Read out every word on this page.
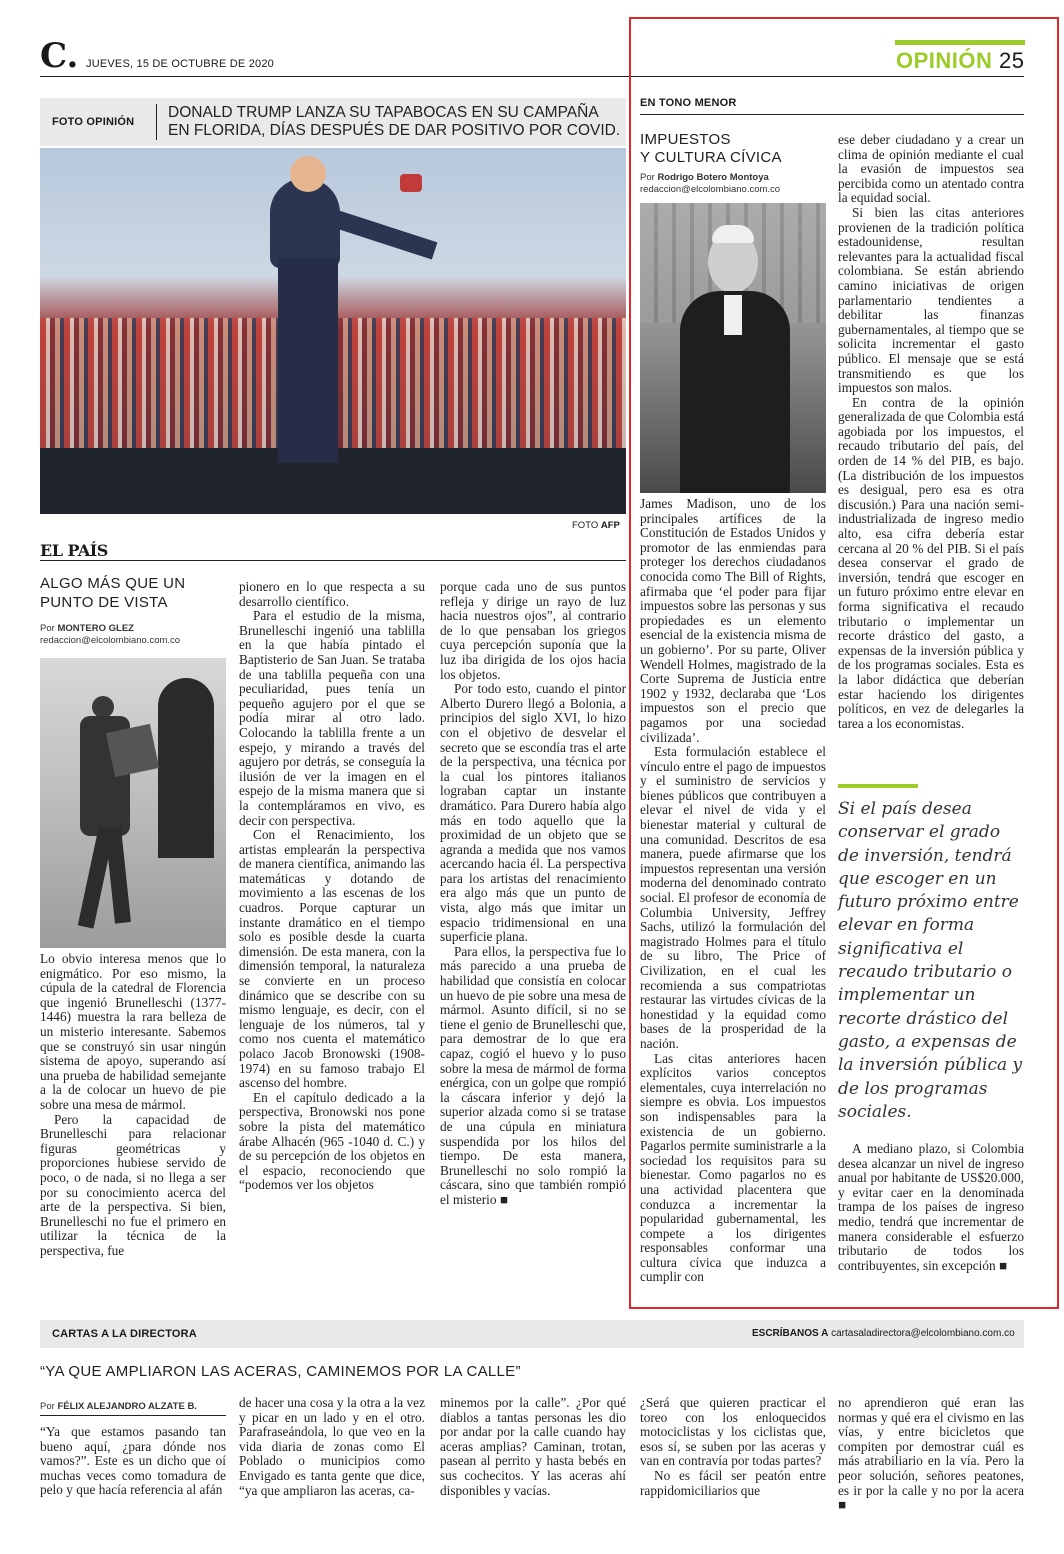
C. JUEVES, 15 DE OCTUBRE DE 2020	OPINIÓN 25
FOTO OPINIÓN
DONALD TRUMP LANZA SU TAPABOCAS EN SU CAMPAÑA
EN FLORIDA, DÍAS DESPUÉS DE DAR POSITIVO POR COVID.
FOTO AFP
EL PAÍS
ALGO MÁS QUE UN
PUNTO DE VISTA
Por MONTERO GLEZ
redaccion@elcolombiano.com.co

Lo obvio interesa menos que lo enigmático. Por eso mismo, la cúpula de la catedral de Florencia que ingenió Brunelleschi (1377-1446) muestra la rara belleza de un misterio interesante. Sabemos que se construyó sin usar ningún sistema de apoyo, superando así una prueba de habilidad semejante a la de colocar un huevo de pie sobre una mesa de mármol.

Pero la capacidad de Brunelleschi para relacionar figuras geométricas y proporciones hubiese servido de poco, o de nada, si no llega a ser por su conocimiento acerca del arte de la perspectiva. Si bien, Brunelleschi no fue el primero en utilizar la técnica de la perspectiva, fue

pionero en lo que respecta a su desarrollo científico.

Para el estudio de la misma, Brunelleschi ingenió una tablilla en la que había pintado el Baptisterio de San Juan. Se trataba de una tablilla pequeña con una peculiaridad, pues tenía un pequeño agujero por el que se podía mirar al otro lado. Colocando la tablilla frente a un espejo, y mirando a través del agujero por detrás, se conseguía la ilusión de ver la imagen en el espejo de la misma manera que si la contempláramos en vivo, es decir con perspectiva.

Con el Renacimiento, los artistas emplearán la perspectiva de manera científica, animando las matemáticas y dotando de movimiento a las escenas de los cuadros. Porque capturar un instante dramático en el tiempo solo es posible desde la cuarta dimensión. De esta manera, con la dimensión temporal, la naturaleza se convierte en un proceso dinámico que se describe con su mismo lenguaje, es decir, con el lenguaje de los números, tal y como nos cuenta el matemático polaco Jacob Bronowski (1908-1974) en su famoso trabajo El ascenso del hombre.

En el capítulo dedicado a la perspectiva, Bronowski nos pone sobre la pista del matemático árabe Alhacén (965 -1040 d. C.) y de su percepción de los objetos en el espacio, reconociendo que “podemos ver los objetos

porque cada uno de sus puntos refleja y dirige un rayo de luz hacia nuestros ojos”, al contrario de lo que pensaban los griegos cuya percepción suponía que la luz iba dirigida de los ojos hacia los objetos.

Por todo esto, cuando el pintor Alberto Durero llegó a Bolonia, a principios del siglo XVI, lo hizo con el objetivo de desvelar el secreto que se escondía tras el arte de la perspectiva, una técnica por la cual los pintores italianos lograban captar un instante dramático. Para Durero había algo más en todo aquello que la proximidad de un objeto que se agranda a medida que nos vamos acercando hacia él. La perspectiva para los artistas del renacimiento era algo más que un punto de vista, algo más que imitar un espacio tridimensional en una superficie plana.

Para ellos, la perspectiva fue lo más parecido a una prueba de habilidad que consistía en colocar un huevo de pie sobre una mesa de mármol. Asunto difícil, si no se tiene el genio de Brunelleschi que, para demostrar de lo que era capaz, cogió el huevo y lo puso sobre la mesa de mármol de forma enérgica, con un golpe que rompió la cáscara inferior y dejó la superior alzada como si se tratase de una cúpula en miniatura suspendida por los hilos del tiempo. De esta manera, Brunelleschi no solo rompió la cáscara, sino que también rompió el misterio ■

EN TONO MENOR
IMPUESTOS
Y CULTURA CÍVICA
Por Rodrigo Botero Montoya
redaccion@elcolombiano.com.co

James Madison, uno de los principales artífices de la Constitución de Estados Unidos y promotor de las enmiendas para proteger los derechos ciudadanos conocida como The Bill of Rights, afirmaba que ‘el poder para fijar impuestos sobre las personas y sus propiedades es un elemento esencial de la existencia misma de un gobierno’. Por su parte, Oliver Wendell Holmes, magistrado de la Corte Suprema de Justicia entre 1902 y 1932, declaraba que ‘Los impuestos son el precio que pagamos por una sociedad civilizada’.

Esta formulación establece el vínculo entre el pago de impuestos y el suministro de servicios y bienes públicos que contribuyen a elevar el nivel de vida y el bienestar material y cultural de una comunidad. Descritos de esa manera, puede afirmarse que los impuestos representan una versión moderna del denominado contrato social. El profesor de economía de Columbia University, Jeffrey Sachs, utilizó la formulación del magistrado Holmes para el título de su libro, The Price of Civilization, en el cual les recomienda a sus compatriotas restaurar las virtudes cívicas de la honestidad y la equidad como bases de la prosperidad de la nación.

Las citas anteriores hacen explícitos varios conceptos elementales, cuya interrelación no siempre es obvia. Los impuestos son indispensables para la existencia de un gobierno. Pagarlos permite suministrarle a la sociedad los requisitos para su bienestar. Como pagarlos no es una actividad placentera que conduzca a incrementar la popularidad gubernamental, les compete a los dirigentes responsables conformar una cultura cívica que induzca a cumplir con

ese deber ciudadano y a crear un clima de opinión mediante el cual la evasión de impuestos sea percibida como un atentado contra la equidad social.

Si bien las citas anteriores provienen de la tradición política estadounidense, resultan relevantes para la actualidad fiscal colombiana. Se están abriendo camino iniciativas de origen parlamentario tendientes a debilitar las finanzas gubernamentales, al tiempo que se solicita incrementar el gasto público. El mensaje que se está transmitiendo es que los impuestos son malos.

En contra de la opinión generalizada de que Colombia está agobiada por los impuestos, el recaudo tributario del país, del orden de 14 % del PIB, es bajo. (La distribución de los impuestos es desigual, pero esa es otra discusión.) Para una nación semi-industrializada de ingreso medio alto, esa cifra debería estar cercana al 20 % del PIB. Si el país desea conservar el grado de inversión, tendrá que escoger en un futuro próximo entre elevar en forma significativa el recaudo tributario o implementar un recorte drástico del gasto, a expensas de la inversión pública y de los programas sociales. Esta es la labor didáctica que deberían estar haciendo los dirigentes políticos, en vez de delegarles la tarea a los economistas.

Si el país desea conservar el grado de inversión, tendrá que escoger en un futuro próximo entre elevar en forma significativa el recaudo tributario o implementar un recorte drástico del gasto, a expensas de la inversión pública y de los programas sociales.

A mediano plazo, si Colombia desea alcanzar un nivel de ingreso anual por habitante de US$20.000, y evitar caer en la denominada trampa de los países de ingreso medio, tendrá que incrementar de manera considerable el esfuerzo tributario de todos los contribuyentes, sin excepción ■

CARTAS A LA DIRECTORA	ESCRÍBANOS A cartasaladirectora@elcolombiano.com.co
“YA QUE AMPLIARON LAS ACERAS, CAMINEMOS POR LA CALLE”
Por FÉLIX ALEJANDRO ALZATE B.

“Ya que estamos pasando tan bueno aquí, ¿para dónde nos vamos?”. Este es un dicho que oí muchas veces como tomadura de pelo y que hacía referencia al afán

de hacer una cosa y la otra a la vez y picar en un lado y en el otro. Parafraseándola, lo que veo en la vida diaria de zonas como El Poblado o municipios como Envigado es tanta gente que dice, “ya que ampliaron las aceras, ca-

minemos por la calle”. ¿Por qué diablos a tantas personas les dio por andar por la calle cuando hay aceras amplias? Caminan, trotan, pasean al perrito y hasta bebés en sus cochecitos. Y las aceras ahí disponibles y vacías.

¿Será que quieren practicar el toreo con los enloquecidos motociclistas y los ciclistas que, esos sí, se suben por las aceras y van en contravía por todas partes?

No es fácil ser peatón entre rappidomiciliarios que

no aprendieron qué eran las normas y qué era el civismo en las vías, y entre bicicletos que compiten por demostrar cuál es más atrabiliario en la vía. Pero la peor solución, señores peatones, es ir por la calle y no por la acera ■
